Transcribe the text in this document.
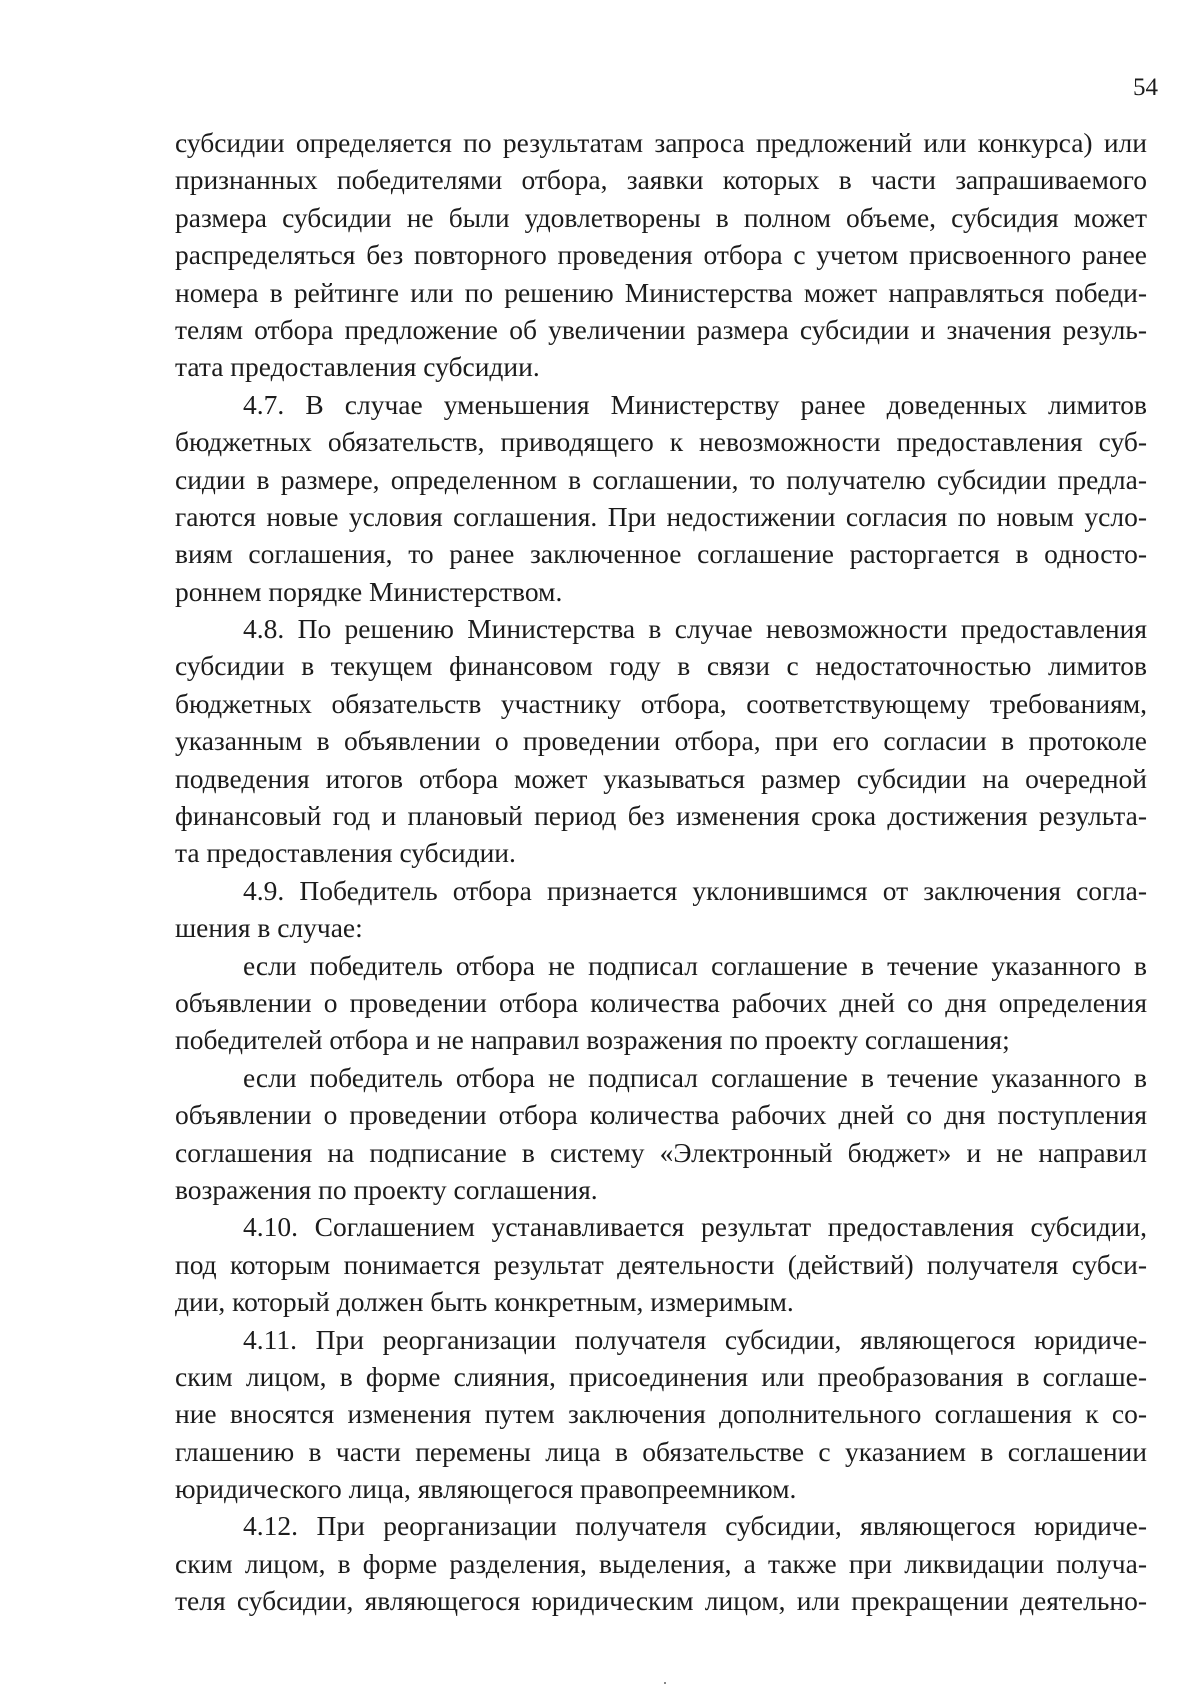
54
субсидии определяется по результатам запроса предложений или конкурса) или
признанных победителями отбора, заявки которых в части запрашиваемого
размера субсидии не были удовлетворены в полном объеме, субсидия может
распределяться без повторного проведения отбора с учетом присвоенного ранее
номера в рейтинге или по решению Министерства может направляться победи-
телям отбора предложение об увеличении размера субсидии и значения резуль-
тата предоставления субсидии.
4.7. В случае уменьшения Министерству ранее доведенных лимитов
бюджетных обязательств, приводящего к невозможности предоставления суб-
сидии в размере, определенном в соглашении, то получателю субсидии предла-
гаются новые условия соглашения. При недостижении согласия по новым усло-
виям соглашения, то ранее заключенное соглашение расторгается в односто-
роннем порядке Министерством.
4.8. По решению Министерства в случае невозможности предоставления
субсидии в текущем финансовом году в связи с недостаточностью лимитов
бюджетных обязательств участнику отбора, соответствующему требованиям,
указанным в объявлении о проведении отбора, при его согласии в протоколе
подведения итогов отбора может указываться размер субсидии на очередной
финансовый год и плановый период без изменения срока достижения результа-
та предоставления субсидии.
4.9. Победитель отбора признается уклонившимся от заключения согла-
шения в случае:
если победитель отбора не подписал соглашение в течение указанного в
объявлении о проведении отбора количества рабочих дней со дня определения
победителей отбора и не направил возражения по проекту соглашения;
если победитель отбора не подписал соглашение в течение указанного в
объявлении о проведении отбора количества рабочих дней со дня поступления
соглашения на подписание в систему «Электронный бюджет» и не направил
возражения по проекту соглашения.
4.10. Соглашением устанавливается результат предоставления субсидии,
под которым понимается результат деятельности (действий) получателя субси-
дии, который должен быть конкретным, измеримым.
4.11. При реорганизации получателя субсидии, являющегося юридиче-
ским лицом, в форме слияния, присоединения или преобразования в соглаше-
ние вносятся изменения путем заключения дополнительного соглашения к со-
глашению в части перемены лица в обязательстве с указанием в соглашении
юридического лица, являющегося правопреемником.
4.12. При реорганизации получателя субсидии, являющегося юридиче-
ским лицом, в форме разделения, выделения, а также при ликвидации получа-
теля субсидии, являющегося юридическим лицом, или прекращении деятельно-
